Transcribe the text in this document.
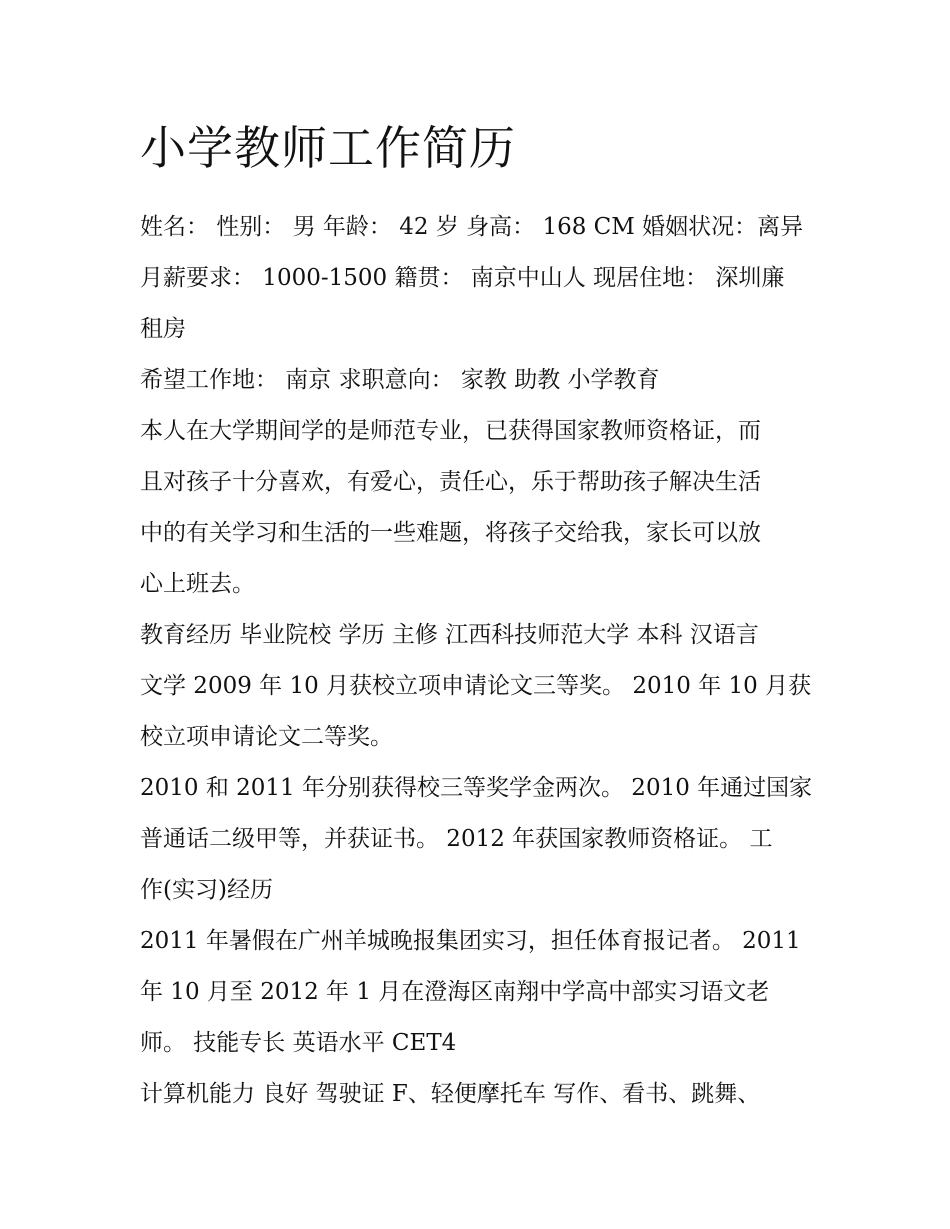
小学教师工作简历

姓名： 性别： 男 年龄： 42 岁 身高： 168 CM 婚姻状况：离异

月薪要求： 1000-1500 籍贯： 南京中山人 现居住地： 深圳廉

租房

希望工作地： 南京 求职意向： 家教 助教 小学教育

本人在大学期间学的是师范专业，已获得国家教师资格证，而

且对孩子十分喜欢，有爱心，责任心，乐于帮助孩子解决生活

中的有关学习和生活的一些难题，将孩子交给我，家长可以放

心上班去。

教育经历 毕业院校 学历 主修 江西科技师范大学 本科 汉语言

文学 2009 年 10 月获校立项申请论文三等奖。 2010 年 10 月获

校立项申请论文二等奖。

2010 和 2011 年分别获得校三等奖学金两次。 2010 年通过国家

普通话二级甲等，并获证书。 2012 年获国家教师资格证。 工

作(实习)经历

2011 年暑假在广州羊城晚报集团实习，担任体育报记者。 2011

年 10 月至 2012 年 1 月在澄海区南翔中学高中部实习语文老

师。 技能专长 英语水平 CET4

计算机能力 良好 驾驶证 F、轻便摩托车 写作、看书、跳舞、
